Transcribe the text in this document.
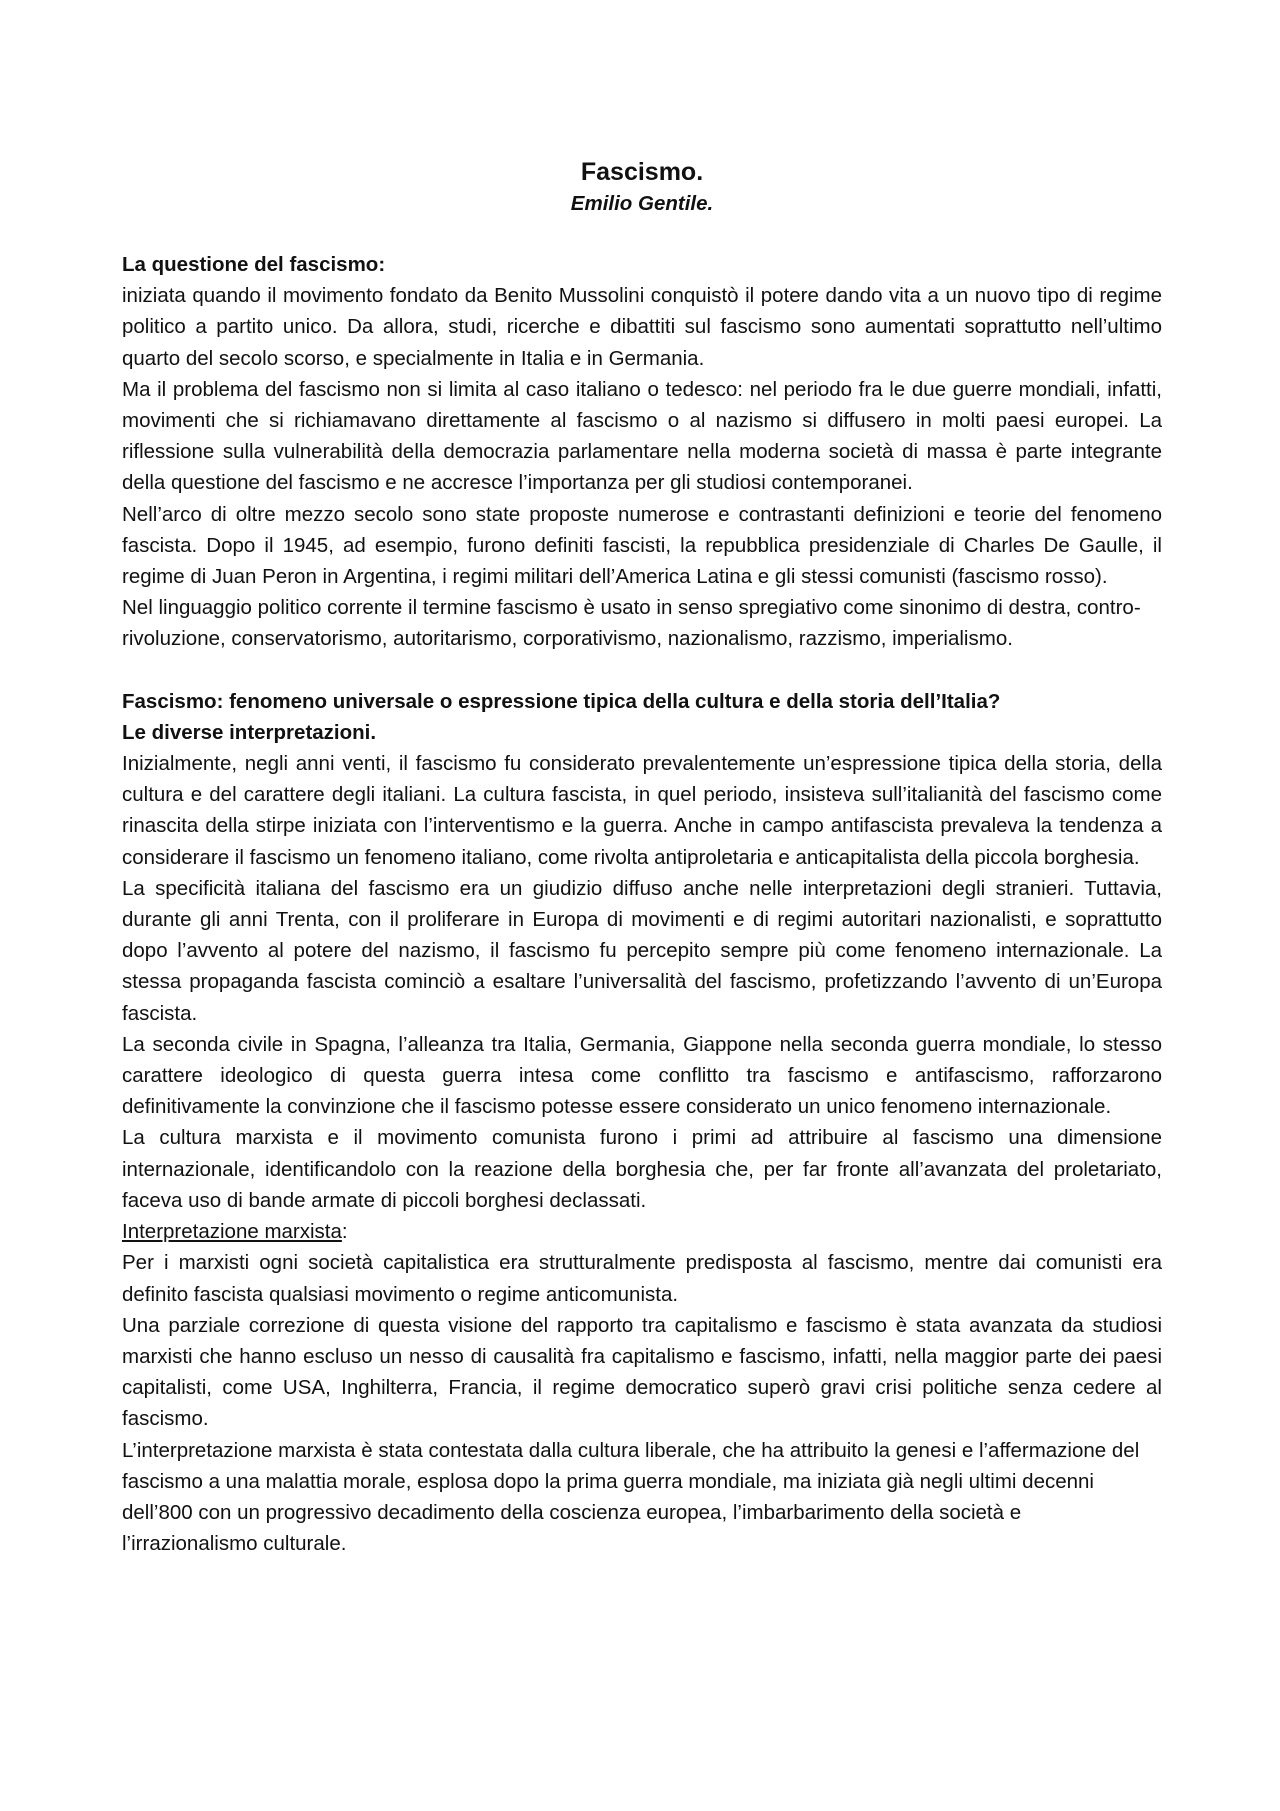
Fascismo.
Emilio Gentile.
La questione del fascismo:

iniziata quando il movimento fondato da Benito Mussolini conquistò il potere dando vita a un nuovo tipo di regime politico a partito unico. Da allora, studi, ricerche e dibattiti sul fascismo sono aumentati soprattutto nell’ultimo quarto del secolo scorso, e specialmente in Italia e in Germania.

Ma il problema del fascismo non si limita al caso italiano o tedesco: nel periodo fra le due guerre mondiali, infatti, movimenti che si richiamavano direttamente al fascismo o al nazismo si diffusero in molti paesi europei. La riflessione sulla vulnerabilità della democrazia parlamentare nella moderna società di massa è parte integrante della questione del fascismo e ne accresce l’importanza per gli studiosi contemporanei.

Nell’arco di oltre mezzo secolo sono state proposte numerose e contrastanti definizioni e teorie del fenomeno fascista. Dopo il 1945, ad esempio, furono definiti fascisti, la repubblica presidenziale di Charles De Gaulle, il regime di Juan Peron in Argentina, i regimi militari dell’America Latina e gli stessi comunisti (fascismo rosso).

Nel linguaggio politico corrente il termine fascismo è usato in senso spregiativo come sinonimo di destra, contro-rivoluzione, conservatorismo, autoritarismo, corporativismo, nazionalismo, razzismo, imperialismo.

Fascismo: fenomeno universale o espressione tipica della cultura e della storia dell’Italia?
Le diverse interpretazioni.

Inizialmente, negli anni venti, il fascismo fu considerato prevalentemente un’espressione tipica della storia, della cultura e del carattere degli italiani. La cultura fascista, in quel periodo, insisteva sull’italianità del fascismo come rinascita della stirpe iniziata con l’interventismo e la guerra. Anche in campo antifascista prevaleva la tendenza a considerare il fascismo un fenomeno italiano, come rivolta antiproletaria e anticapitalista della piccola borghesia.

La specificità italiana del fascismo era un giudizio diffuso anche nelle interpretazioni degli stranieri. Tuttavia, durante gli anni Trenta, con il proliferare in Europa di movimenti e di regimi autoritari nazionalisti, e soprattutto dopo l’avvento al potere del nazismo, il fascismo fu percepito sempre più come fenomeno internazionale. La stessa propaganda fascista cominciò a esaltare l’universalità del fascismo, profetizzando l’avvento di un’Europa fascista.

La seconda civile in Spagna, l’alleanza tra Italia, Germania, Giappone nella seconda guerra mondiale, lo stesso carattere ideologico di questa guerra intesa come conflitto tra fascismo e antifascismo, rafforzarono definitivamente la convinzione che il fascismo potesse essere considerato un unico fenomeno internazionale.

La cultura marxista e il movimento comunista furono i primi ad attribuire al fascismo una dimensione internazionale, identificandolo con la reazione della borghesia che, per far fronte all’avanzata del proletariato, faceva uso di bande armate di piccoli borghesi declassati.

Interpretazione marxista:

Per i marxisti ogni società capitalistica era strutturalmente predisposta al fascismo, mentre dai comunisti era definito fascista qualsiasi movimento o regime anticomunista.

Una parziale correzione di questa visione del rapporto tra capitalismo e fascismo è stata avanzata da studiosi marxisti che hanno escluso un nesso di causalità fra capitalismo e fascismo, infatti, nella maggior parte dei paesi capitalisti, come USA, Inghilterra, Francia, il regime democratico superò gravi crisi politiche senza cedere al fascismo.

L’interpretazione marxista è stata contestata dalla cultura liberale, che ha attribuito la genesi e l’affermazione del fascismo a una malattia morale, esplosa dopo la prima guerra mondiale, ma iniziata già negli ultimi decenni dell’800 con un progressivo decadimento della coscienza europea, l’imbarbarimento della società e l’irrazionalismo culturale.
